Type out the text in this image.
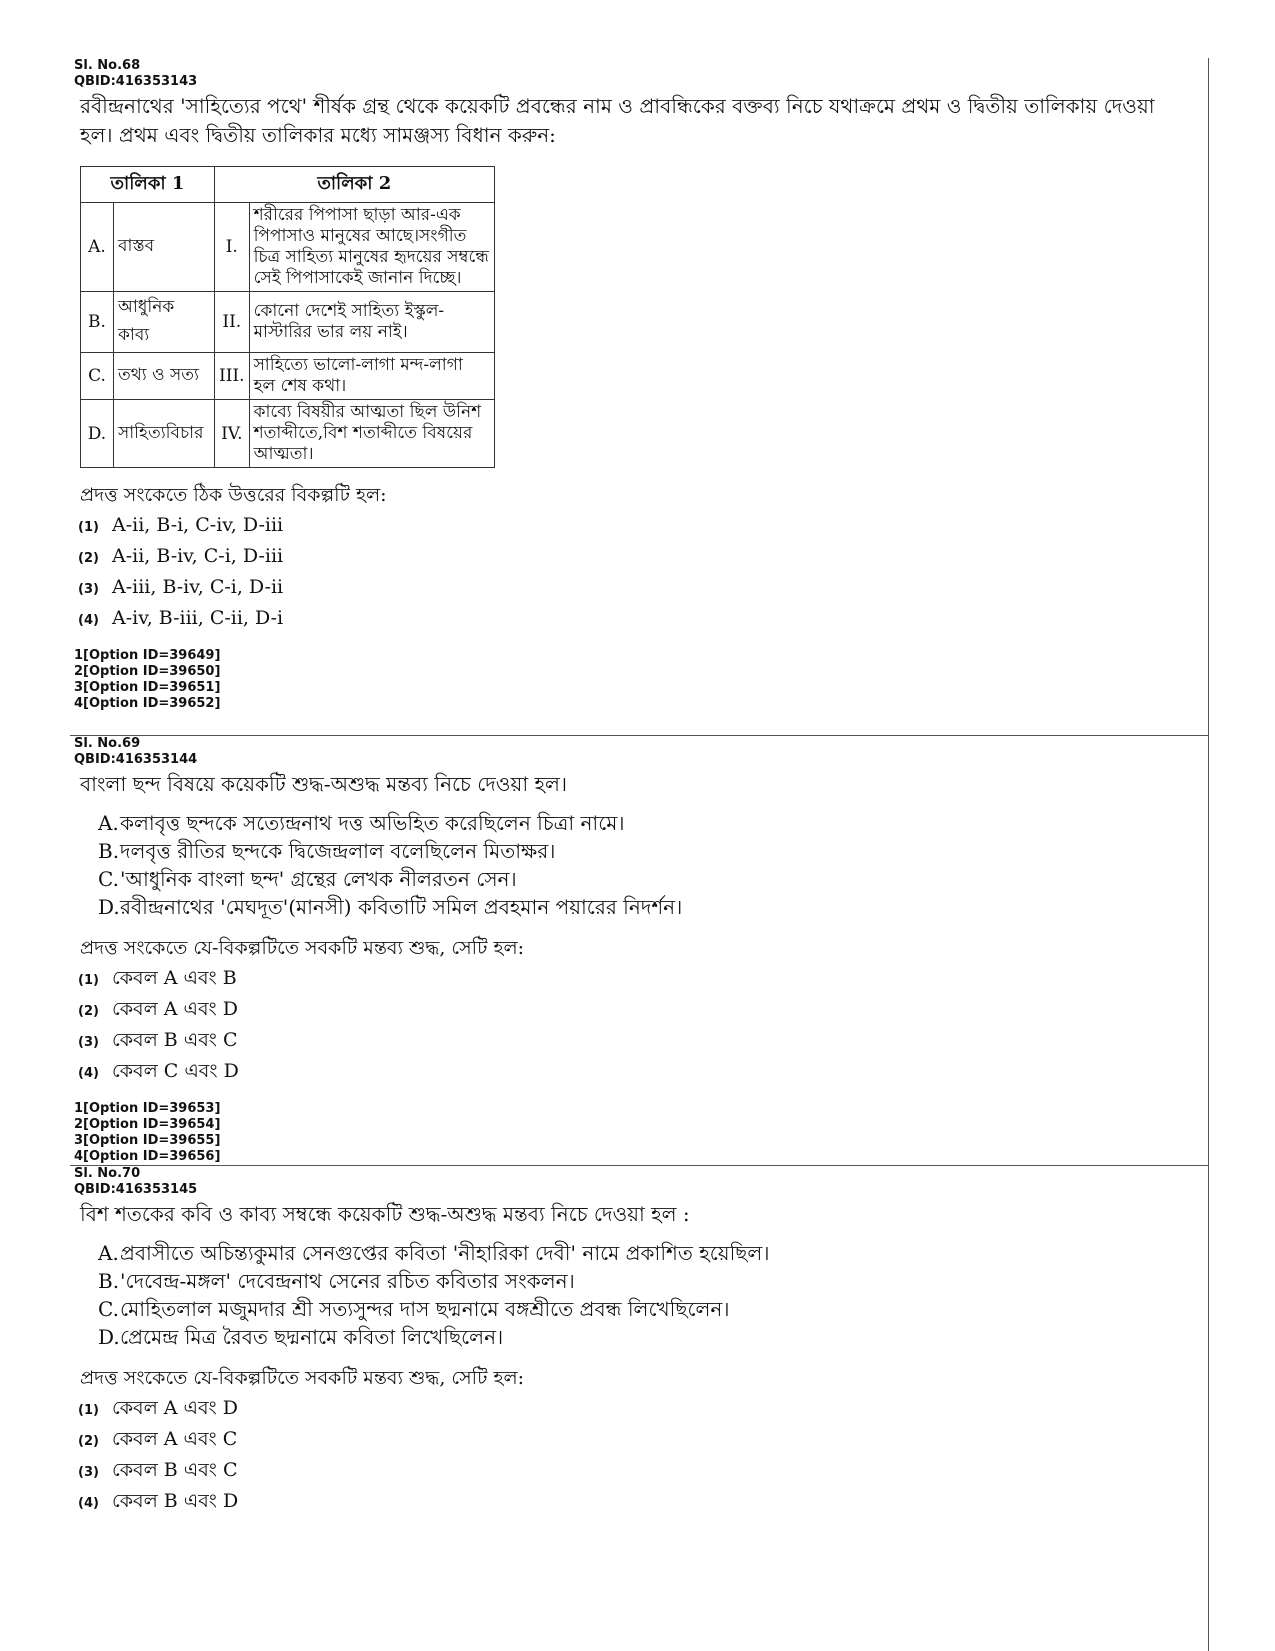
Sl. No.68
QBID:416353143
রবীন্দ্রনাথের 'সাহিত্যের পথে' শীর্ষক গ্রন্থ থেকে কয়েকটি প্রবন্ধের নাম ও প্রাবন্ধিকের বক্তব্য নিচে যথাক্রমে প্রথম ও দ্বিতীয় তালিকায় দেওয়া হল। প্রথম এবং দ্বিতীয় তালিকার মধ্যে সামঞ্জস্য বিধান করুন:
তালিকা 1		তালিকা 2	
A.	বাস্তব	I.	শরীরের পিপাসা ছাড়া আর-এক পিপাসাও মানুষের আছে।সংগীত চিত্র সাহিত্য মানুষের হৃদয়ের সম্বন্ধে সেই পিপাসাকেই জানান দিচ্ছে।
B.	আধুনিক কাব্য	II.	কোনো দেশেই সাহিত্য ইস্কুল-মাস্টারির ভার লয় নাই।
C.	তথ্য ও সত্য	III.	সাহিত্যে ভালো-লাগা মন্দ-লাগা হল শেষ কথা।
D.	সাহিত্যবিচার	IV.	কাব্যে বিষয়ীর আত্মতা ছিল উনিশ শতাব্দীতে,বিশ শতাব্দীতে বিষয়ের আত্মতা।
প্রদত্ত সংকেতে ঠিক উত্তরের বিকল্পটি হল:
(1) A-ii, B-i, C-iv, D-iii
(2) A-ii, B-iv, C-i, D-iii
(3) A-iii, B-iv, C-i, D-ii
(4) A-iv, B-iii, C-ii, D-i
1[Option ID=39649]
2[Option ID=39650]
3[Option ID=39651]
4[Option ID=39652]
Sl. No.69
QBID:416353144
বাংলা ছন্দ বিষয়ে কয়েকটি শুদ্ধ-অশুদ্ধ মন্তব্য নিচে দেওয়া হল।
A.কলাবৃত্ত ছন্দকে সত্যেন্দ্রনাথ দত্ত অভিহিত করেছিলেন চিত্রা নামে।
B.দলবৃত্ত রীতির ছন্দকে দ্বিজেন্দ্রলাল বলেছিলেন মিতাক্ষর।
C.'আধুনিক বাংলা ছন্দ' গ্রন্থের লেখক নীলরতন সেন।
D.রবীন্দ্রনাথের 'মেঘদূত'(মানসী) কবিতাটি সমিল প্রবহমান পয়ারের নিদর্শন।
প্রদত্ত সংকেতে যে-বিকল্পটিতে সবকটি মন্তব্য শুদ্ধ, সেটি হল:
(1) কেবল A এবং B
(2) কেবল A এবং D
(3) কেবল B এবং C
(4) কেবল C এবং D
1[Option ID=39653]
2[Option ID=39654]
3[Option ID=39655]
4[Option ID=39656]
Sl. No.70
QBID:416353145
বিশ শতকের কবি ও কাব্য সম্বন্ধে কয়েকটি শুদ্ধ-অশুদ্ধ মন্তব্য নিচে দেওয়া হল :
A.প্রবাসীতে অচিন্ত্যকুমার সেনগুপ্তের কবিতা 'নীহারিকা দেবী' নামে প্রকাশিত হয়েছিল।
B.'দেবেন্দ্র-মঙ্গল' দেবেন্দ্রনাথ সেনের রচিত কবিতার সংকলন।
C.মোহিতলাল মজুমদার শ্রী সত্যসুন্দর দাস ছদ্মনামে বঙ্গশ্রীতে প্রবন্ধ লিখেছিলেন।
D.প্রেমেন্দ্র মিত্র রৈবত ছদ্মনামে কবিতা লিখেছিলেন।
প্রদত্ত সংকেতে যে-বিকল্পটিতে সবকটি মন্তব্য শুদ্ধ, সেটি হল:
(1) কেবল A এবং D
(2) কেবল A এবং C
(3) কেবল B এবং C
(4) কেবল B এবং D
